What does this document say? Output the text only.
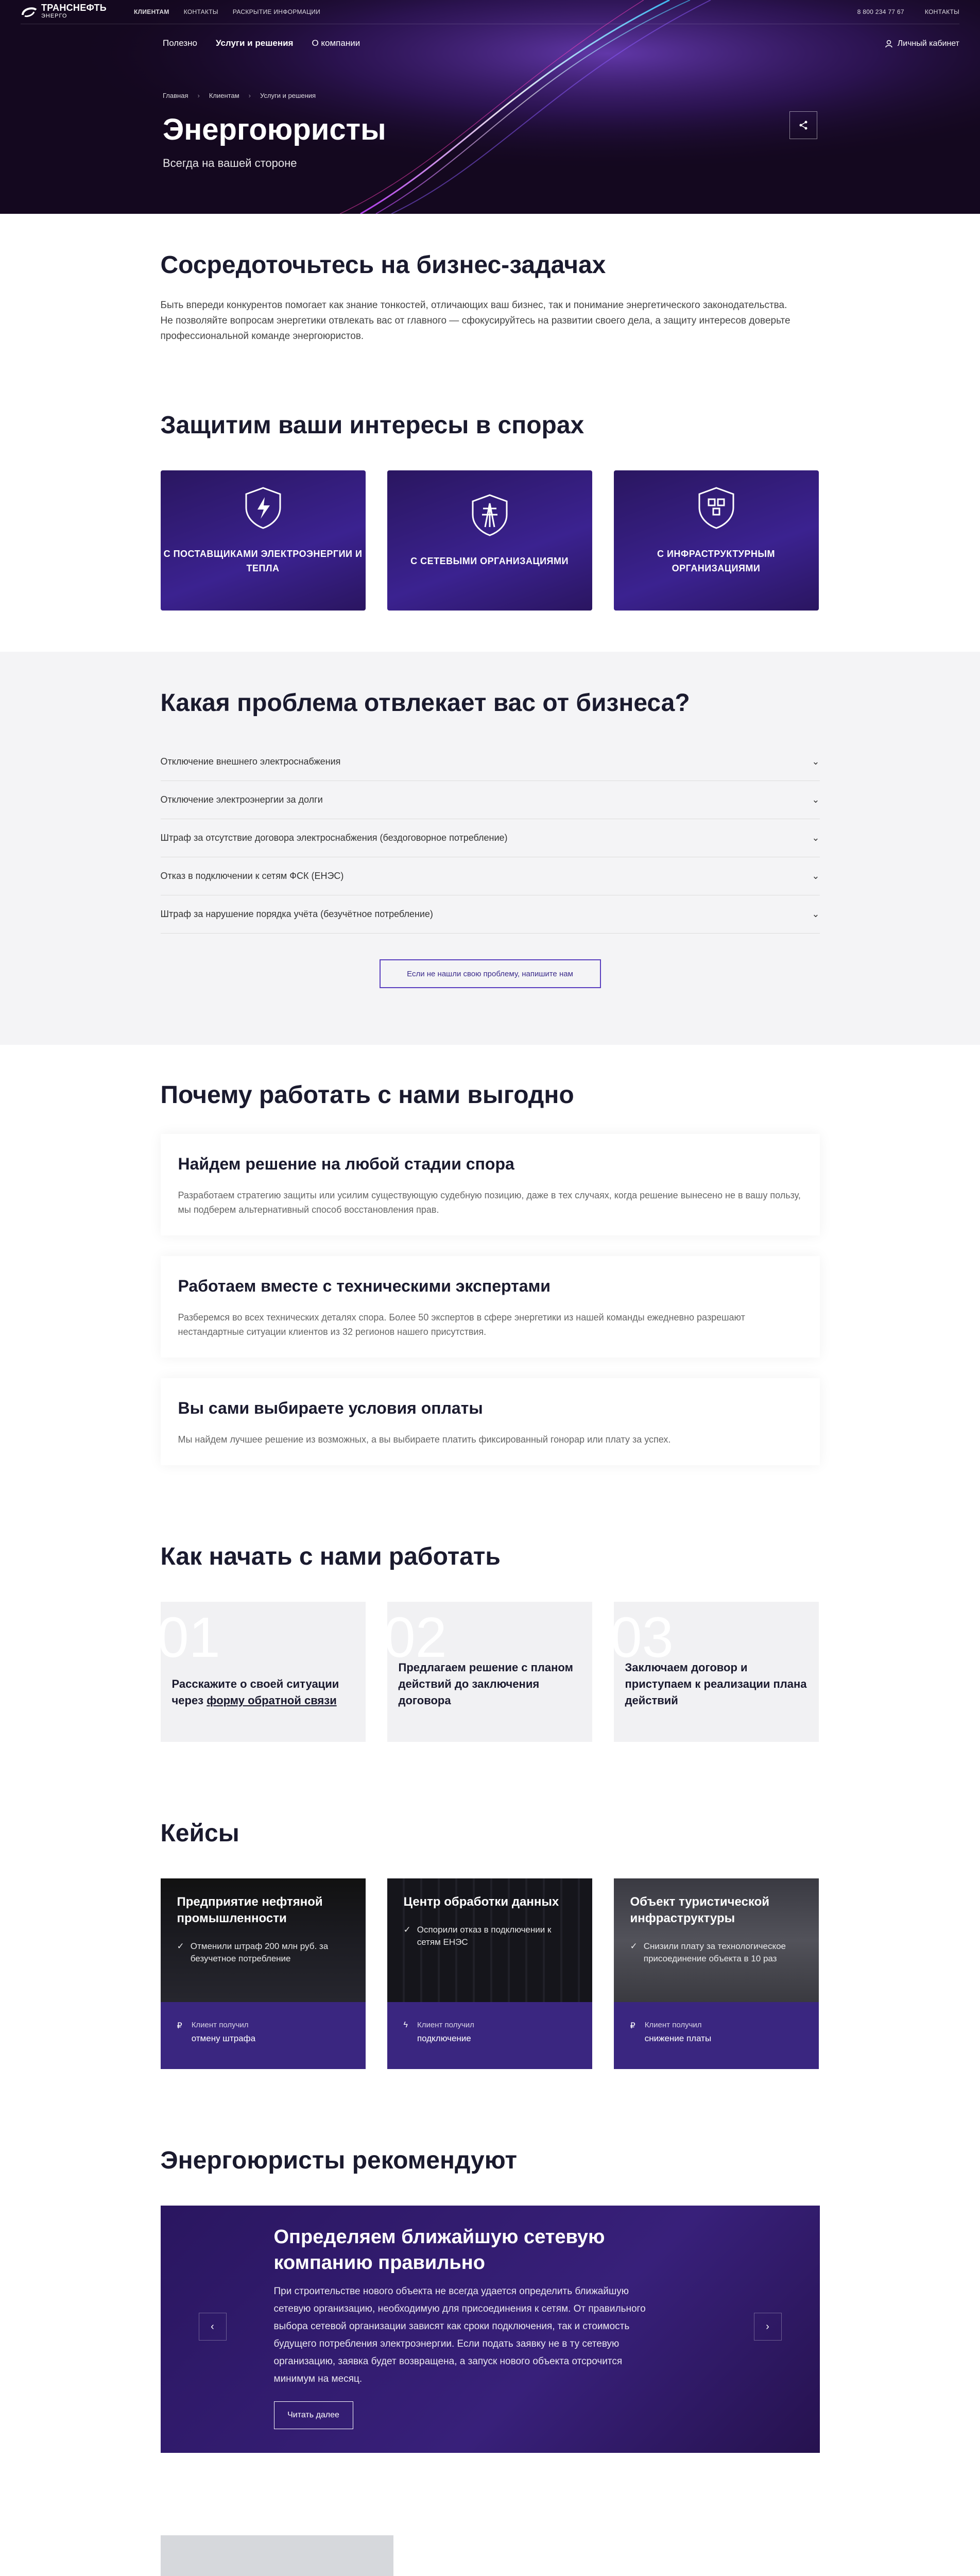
ТРАНСНЕФТЬ
ЭНЕРГО
КЛИЕНТАМ КОНТАКТЫ РАСКРЫТИЕ ИНФОРМАЦИИ	8 800 234 77 67	КОНТАКТЫ
Полезно Услуги и решения О компании	Личный кабинет
Главная › Клиентам › Услуги и решения
Энергоюристы
Всегда на вашей стороне
Сосредоточьтесь на бизнес-задачах

Быть впереди конкурентов помогает как знание тонкостей, отличающих ваш бизнес, так и понимание энергетического законодательства. Не позволяйте вопросам энергетики отвлекать вас от главного — сфокусируйтесь на развитии своего дела, а защиту интересов доверьте профессиональной команде энергоюристов.

Защитим ваши интересы в спорах

С ПОСТАВЩИКАМИ ЭЛЕКТРОЭНЕРГИИ И ТЕПЛА

С СЕТЕВЫМИ ОРГАНИЗАЦИЯМИ

С ИНФРАСТРУКТУРНЫМ ОРГАНИЗАЦИЯМИ

Какая проблема отвлекает вас от бизнеса?
Отключение внешнего электроснабжения	⌄
Отключение электроэнергии за долги	⌄
Штраф за отсутствие договора электроснабжения (бездоговорное потребление)	⌄
Отказ в подключении к сетям ФСК (ЕНЭС)	⌄
Штраф за нарушение порядка учёта (безучётное потребление)	⌄
Если не нашли свою проблему, напишите нам
Почему работать с нами выгодно
Найдем решение на любой стадии спора

Разработаем стратегию защиты или усилим существующую судебную позицию, даже в тех случаях, когда решение вынесено не в вашу пользу, мы подберем альтернативный способ восстановления прав.

Работаем вместе с техническими экспертами

Разберемся во всех технических деталях спора. Более 50 экспертов в сфере энергетики из нашей команды ежедневно разрешают нестандартные ситуации клиентов из 32 регионов нашего присутствия.

Вы сами выбираете условия оплаты

Мы найдем лучшее решение из возможных, а вы выбираете платить фиксированный гонорар или плату за успех.

Как начать с нами работать
01

Расскажите о своей ситуации через форму обратной связи

02

Предлагаем решение с планом действий до заключения договора

03

Заключаем договор и приступаем к реализации плана действий

Кейсы
Предприятие нефтяной промышленности
✓ Отменили штраф 200 млн руб. за безучетное потребление
₽ Клиент получил
отмену штрафа
Центр обработки данных
✓ Оспорили отказ в подключении к сетям ЕНЭС
ϟ Клиент получил
подключение
Объект туристической инфраструктуры
✓ Снизили плату за технологическое присоединение объекта в 10 раз
₽ Клиент получил
снижение платы
Энергоюристы рекомендуют
‹
Определяем ближайшую сетевую компанию правильно

При строительстве нового объекта не всегда удается определить ближайшую сетевую организацию, необходимую для присоединения к сетям. От правильного выбора сетевой организации зависят как сроки подключения, так и стоимость будущего потребления электроэнергии. Если подать заявку не в ту сетевую организацию, заявка будет возвращена, а запуск нового объекта отсрочится минимум на месяц.

Читать далее
›
